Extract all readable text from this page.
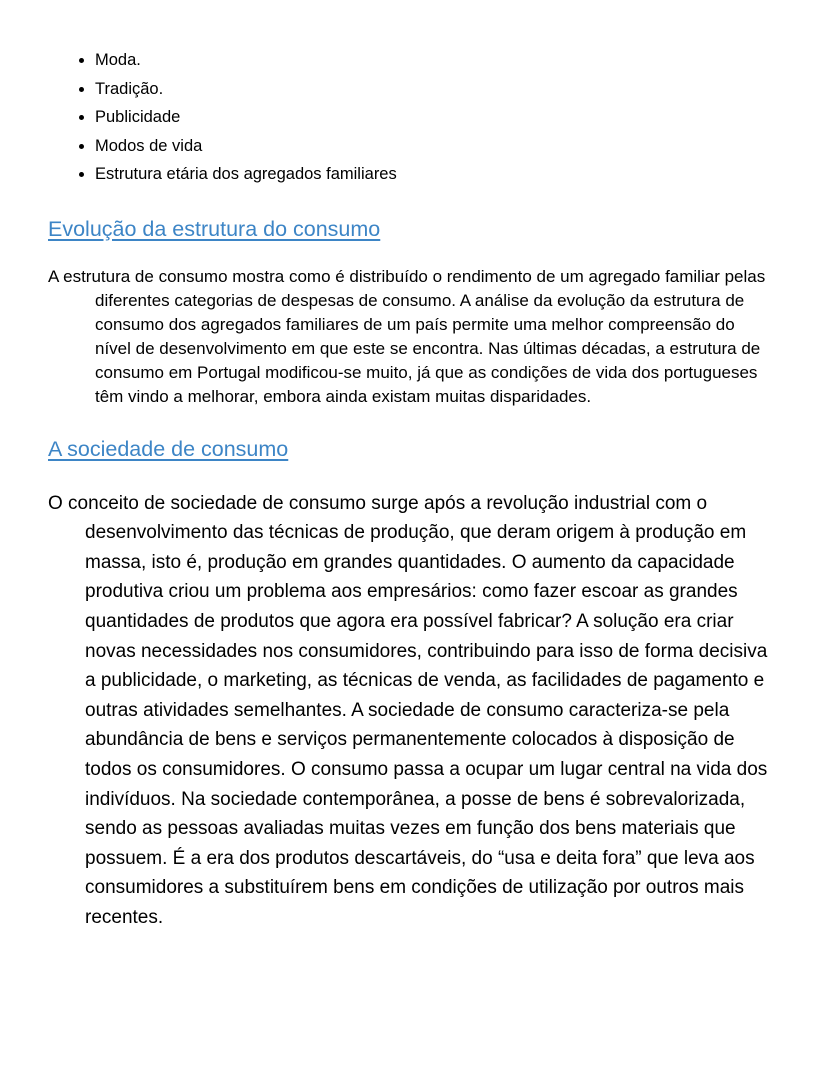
• Moda.
• Tradição.
• Publicidade
• Modos de vida
• Estrutura etária dos agregados familiares
Evolução da estrutura do consumo

A estrutura de consumo mostra como é distribuído o rendimento de um agregado familiar pelas diferentes categorias de despesas de consumo. A análise da evolução da estrutura de consumo dos agregados familiares de um país permite uma melhor compreensão do nível de desenvolvimento em que este se encontra. Nas últimas décadas, a estrutura de consumo em Portugal modificou-se muito, já que as condições de vida dos portugueses têm vindo a melhorar, embora ainda existam muitas disparidades.

A sociedade de consumo

O conceito de sociedade de consumo surge após a revolução industrial com o desenvolvimento das técnicas de produção, que deram origem à produção em massa, isto é, produção em grandes quantidades. O aumento da capacidade produtiva criou um problema aos empresários: como fazer escoar as grandes quantidades de produtos que agora era possível fabricar? A solução era criar novas necessidades nos consumidores, contribuindo para isso de forma decisiva a publicidade, o marketing, as técnicas de venda, as facilidades de pagamento e outras atividades semelhantes. A sociedade de consumo caracteriza-se pela abundância de bens e serviços permanentemente colocados à disposição de todos os consumidores. O consumo passa a ocupar um lugar central na vida dos indivíduos. Na sociedade contemporânea, a posse de bens é sobrevalorizada, sendo as pessoas avaliadas muitas vezes em função dos bens materiais que possuem. É a era dos produtos descartáveis, do “usa e deita fora” que leva aos consumidores a substituírem bens em condições de utilização por outros mais recentes.
